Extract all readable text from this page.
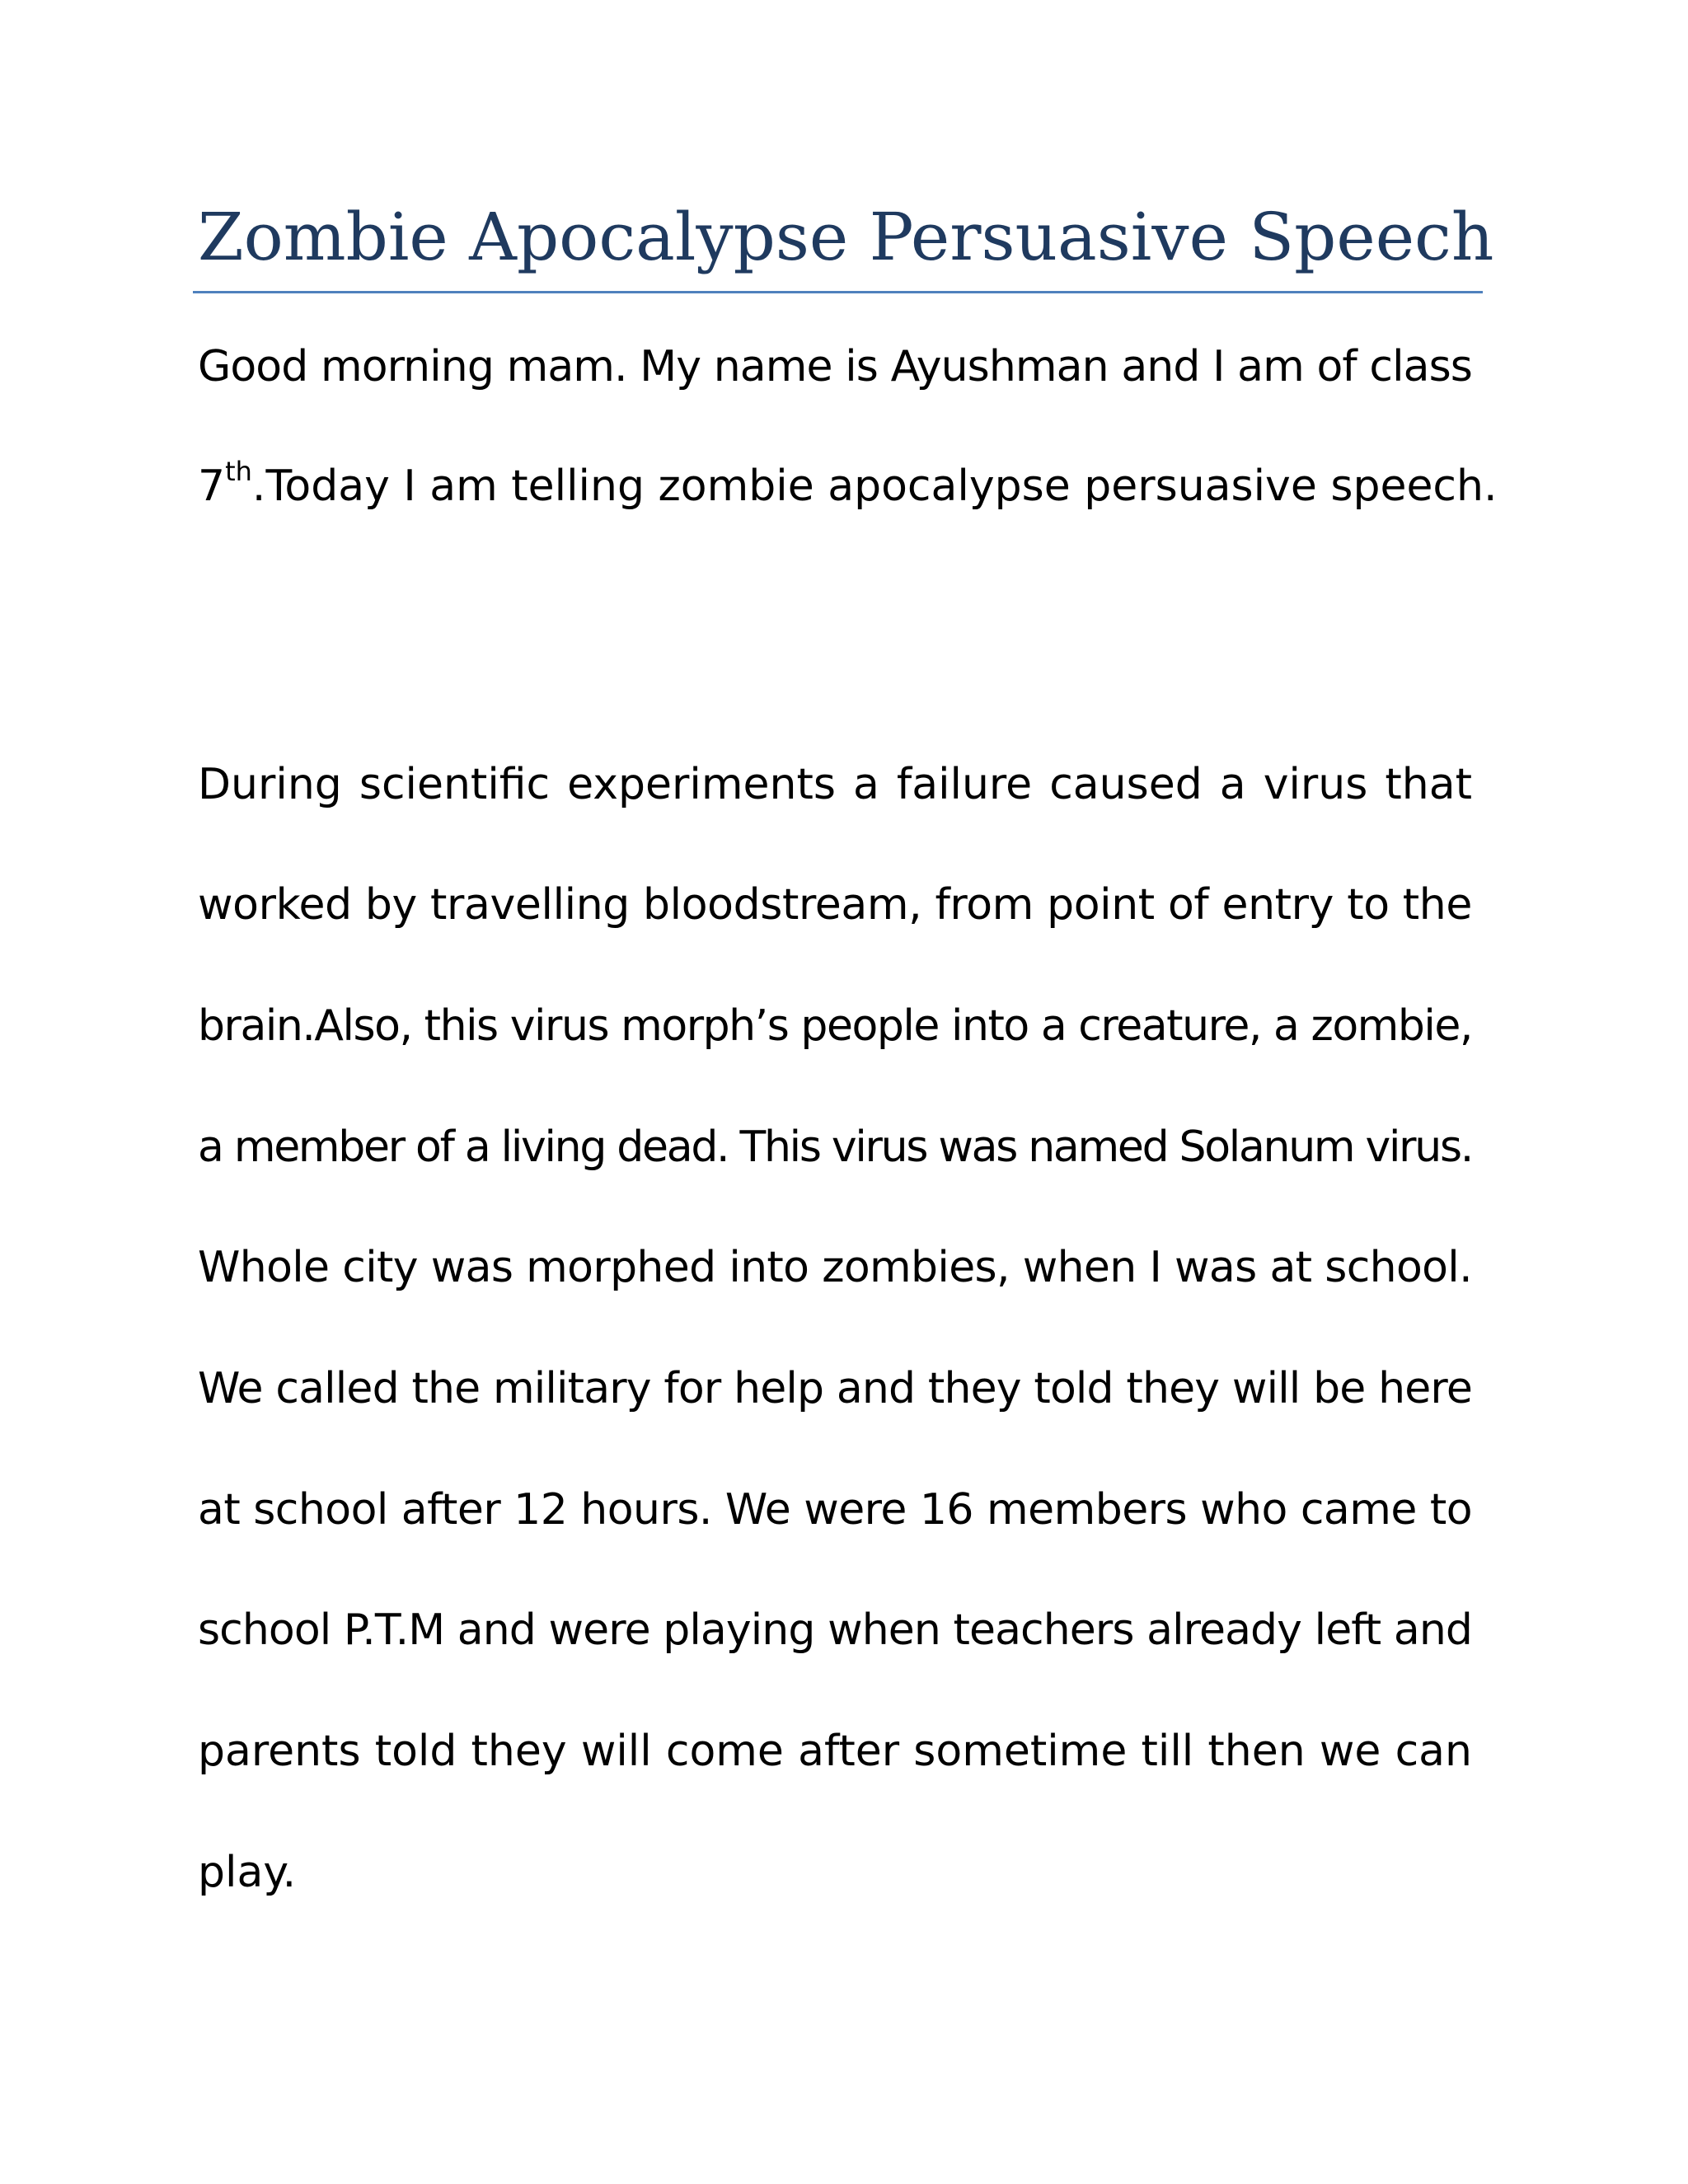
Zombie Apocalypse Persuasive Speech
Good morning mam. My name is Ayushman and I am of class
7th.Today I am telling zombie apocalypse persuasive speech.
During scientific experiments a failure caused a virus that
worked by travelling bloodstream, from point of entry to the
brain.Also, this virus morph’s people into a creature, a zombie,
a member of a living dead. This virus was named Solanum virus.
Whole city was morphed into zombies, when I was at school.
We called the military for help and they told they will be here
at school after 12 hours. We were 16 members who came to
school P.T.M and were playing when teachers already left and
parents told they will come after sometime till then we can
play.
